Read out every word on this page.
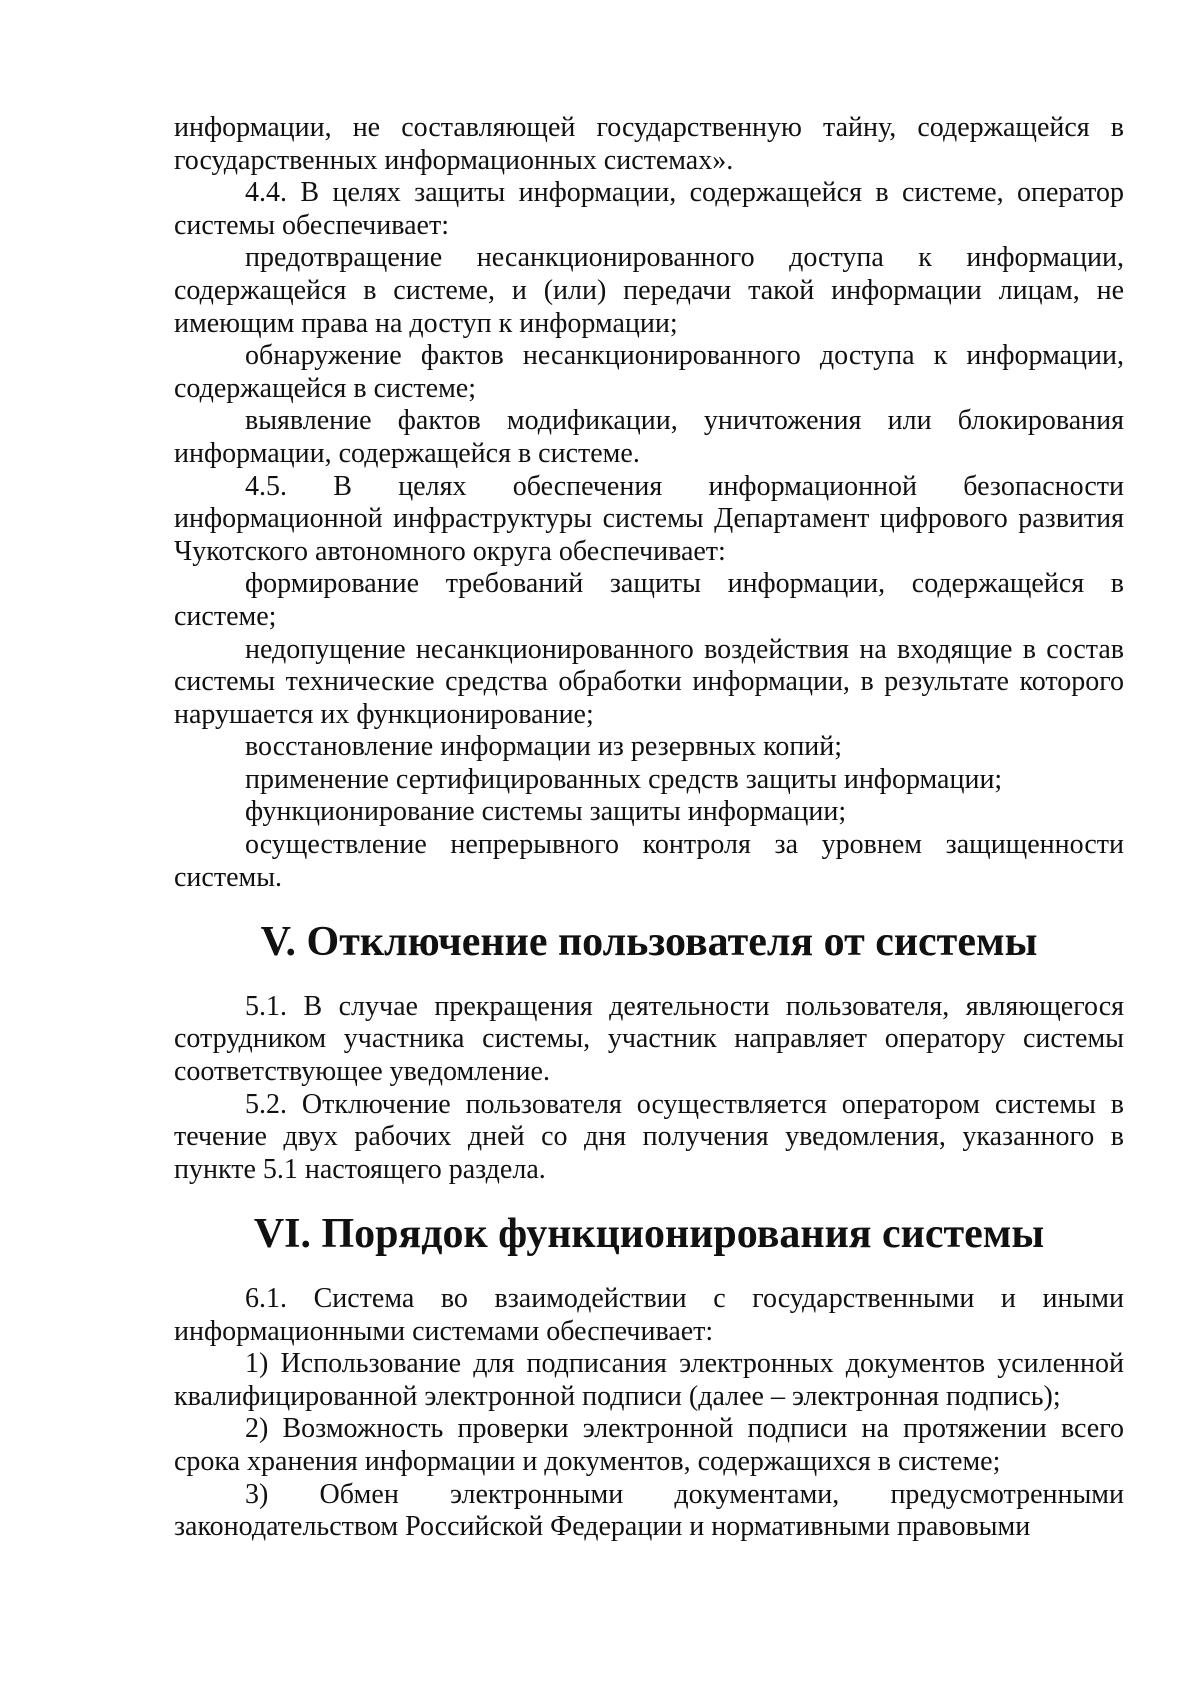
информации, не составляющей государственную тайну, содержащейся в государственных информационных системах».

4.4. В целях защиты информации, содержащейся в системе, оператор системы обеспечивает:

предотвращение несанкционированного доступа к информации, содержащейся в системе, и (или) передачи такой информации лицам, не имеющим права на доступ к информации;

обнаружение фактов несанкционированного доступа к информации, содержащейся в системе;

выявление фактов модификации, уничтожения или блокирования информации, содержащейся в системе.

4.5. В целях обеспечения информационной безопасности информационной инфраструктуры системы Департамент цифрового развития Чукотского автономного округа обеспечивает:

формирование требований защиты информации, содержащейся в системе;

недопущение несанкционированного воздействия на входящие в состав системы технические средства обработки информации, в результате которого нарушается их функционирование;

восстановление информации из резервных копий;

применение сертифицированных средств защиты информации;

функционирование системы защиты информации;

осуществление непрерывного контроля за уровнем защищенности системы.

V. Отключение пользователя от системы

5.1. В случае прекращения деятельности пользователя, являющегося сотрудником участника системы, участник направляет оператору системы соответствующее уведомление.

5.2. Отключение пользователя осуществляется оператором системы в течение двух рабочих дней со дня получения уведомления, указанного в пункте 5.1 настоящего раздела.

VI. Порядок функционирования системы

6.1. Система во взаимодействии с государственными и иными информационными системами обеспечивает:

1) Использование для подписания электронных документов усиленной квалифицированной электронной подписи (далее – электронная подпись);

2) Возможность проверки электронной подписи на протяжении всего срока хранения информации и документов, содержащихся в системе;

3) Обмен электронными документами, предусмотренными законодательством Российской Федерации и нормативными правовыми
